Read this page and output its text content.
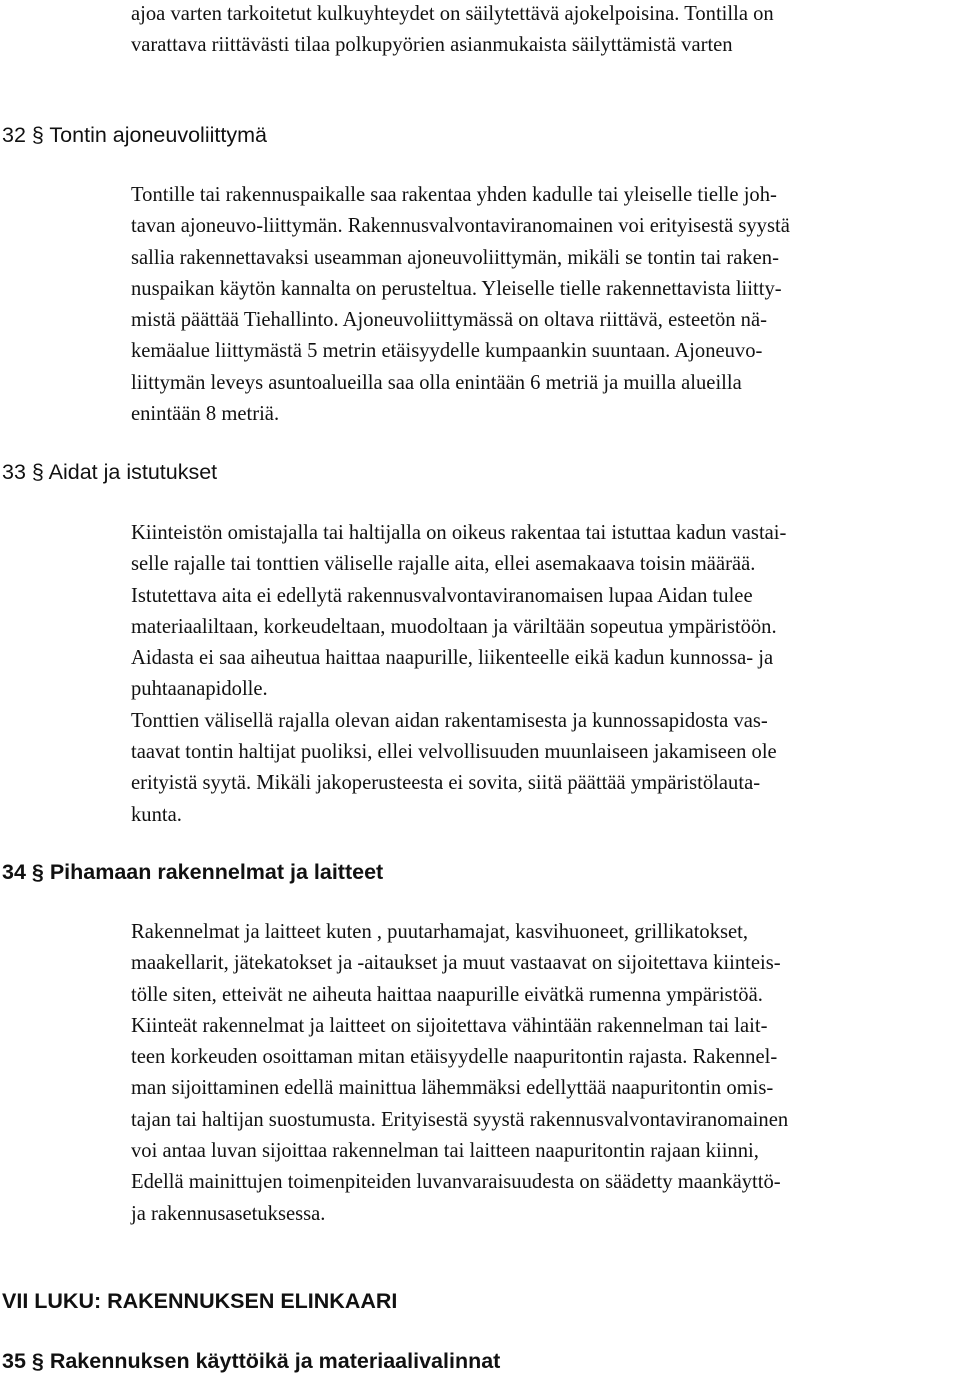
ajoa varten tarkoitetut kulkuyhteydet on säilytettävä ajokelpoisina. Tontilla on
varattava riittävästi tilaa polkupyörien asianmukaista säilyttämistä varten
32 § Tontin ajoneuvoliittymä
Tontille tai rakennuspaikalle saa rakentaa yhden kadulle tai yleiselle tielle joh-
tavan ajoneuvo-liittymän. Rakennusvalvontaviranomainen voi erityisestä syystä
sallia rakennettavaksi useamman ajoneuvoliittymän, mikäli se tontin tai raken-
nuspaikan käytön kannalta on perusteltua. Yleiselle tielle rakennettavista liitty-
mistä päättää Tiehallinto. Ajoneuvoliittymässä on oltava riittävä, esteetön nä-
kemäalue liittymästä 5 metrin etäisyydelle kumpaankin suuntaan. Ajoneuvo-
liittymän leveys asuntoalueilla saa olla enintään 6 metriä ja muilla alueilla
enintään 8 metriä.
33 § Aidat ja istutukset
Kiinteistön omistajalla tai haltijalla on oikeus rakentaa tai istuttaa kadun vastai-
selle rajalle tai tonttien väliselle rajalle aita, ellei asemakaava toisin määrää.
Istutettava aita ei edellytä rakennusvalvontaviranomaisen lupaa Aidan tulee
materiaaliltaan, korkeudeltaan, muodoltaan ja väriltään sopeutua ympäristöön.
Aidasta ei saa aiheutua haittaa naapurille, liikenteelle eikä kadun kunnossa- ja
puhtaanapidolle.
Tonttien välisellä rajalla olevan aidan rakentamisesta ja kunnossapidosta vas-
taavat tontin haltijat puoliksi, ellei velvollisuuden muunlaiseen jakamiseen ole
erityistä syytä. Mikäli jakoperusteesta ei sovita, siitä päättää ympäristölauta-
kunta.
34 § Pihamaan rakennelmat ja laitteet
Rakennelmat ja laitteet kuten , puutarhamajat, kasvihuoneet, grillikatokset,
maakellarit, jätekatokset ja -aitaukset ja muut vastaavat on sijoitettava kiinteis-
tölle siten, etteivät ne aiheuta haittaa naapurille eivätkä rumenna ympäristöä.
Kiinteät rakennelmat ja laitteet on sijoitettava vähintään rakennelman tai lait-
teen korkeuden osoittaman mitan etäisyydelle naapuritontin rajasta. Rakennel-
man sijoittaminen edellä mainittua lähemmäksi edellyttää naapuritontin omis-
tajan tai haltijan suostumusta. Erityisestä syystä rakennusvalvontaviranomainen
voi antaa luvan sijoittaa rakennelman tai laitteen naapuritontin rajaan kiinni,
Edellä mainittujen toimenpiteiden luvanvaraisuudesta on säädetty maankäyttö-
ja rakennusasetuksessa.
VII LUKU: RAKENNUKSEN ELINKAARI
35 § Rakennuksen käyttöikä ja materiaalivalinnat
